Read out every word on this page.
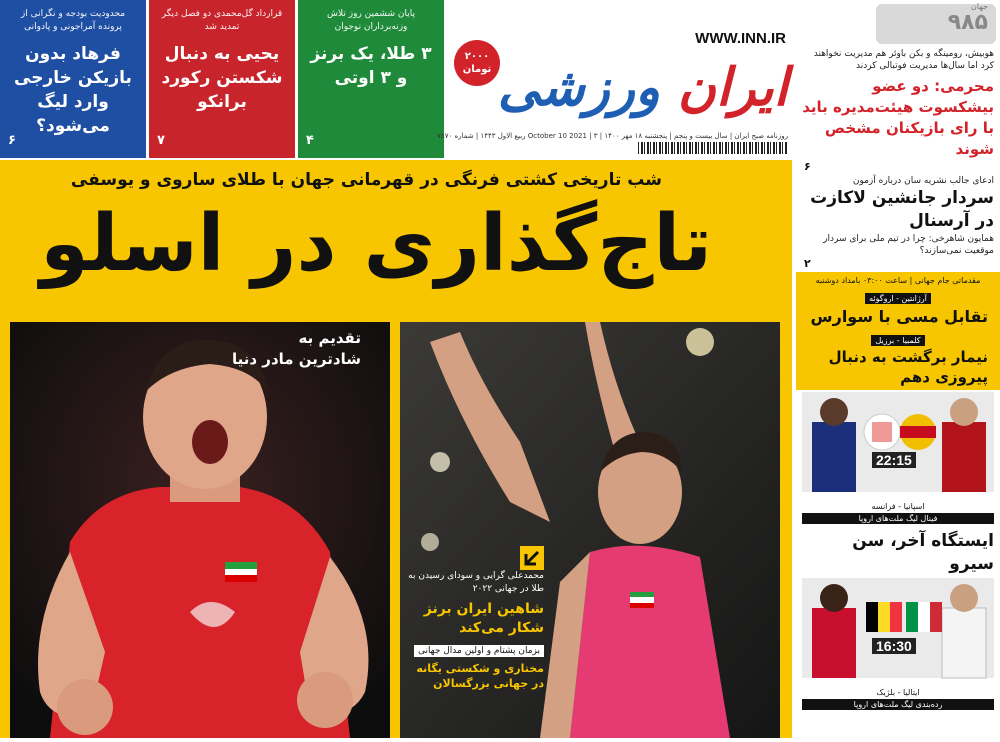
محدودیت بودجه و نگرانی از پرونده آمراجونی و پادوانی
فرهاد بدون بازیکن خارجی وارد لیگ می‌شود؟
۶
قرارداد گل‌محمدی دو فصل دیگر تمدید شد
یحیی به دنبال شکستن رکورد برانکو
۷
پایان ششمین روز تلاش وزنه‌برداران نوجوان
۳ طلا، یک برنز و ۳ اوتی
۴
WWW.INN.IR
ایران
ورزشی
۲۰۰۰ تومان
روزنامه صبح ایران | سال بیست و پنجم | پنجشنبه ۱۸ مهر ۱۴۰۰ | October 10 2021 | ۳ ربیع الاول ۱۴۴۳ | شماره ۷۸۷۰
شب تاریخی کشتی فرنگی در قهرمانی جهان با طلای ساروی و یوسفی
تاج‌گذاری در اسلو
تقدیم به
شادترین مادر دنیا
محمدعلی گرایی و سودای رسیدن به طلا در جهانی ۲۰۲۲
شاهین ایران برنز شکار می‌کند
بزمان پشتام و اولین مدال جهانی
مختاری و شکستی یگانه در جهانی بزرگسالان
جهان
۹۸۵
هوبیش، رومینگه و بکن باوئر هم مدیریت نخواهند کرد اما سال‌ها مدیریت فوتبالی کردند
محرمی: دو عضو بیشکسوت هیئت‌مدیره باید با رای بازیکنان مشخص شوند
۶
ادعای جالب نشریه سان درباره آزمون
سردار جانشین لاکازت در آرسنال
همایون شاهرخی: چرا در تیم ملی برای سردار موقعیت نمی‌سازند؟
۲
مقدماتی جام جهانی | ساعت ۰۳:۰۰ بامداد دوشنبه
آرژانتین - اروگوئه
تقابل مسی با سوارس
کلمبیا - برزیل
نیمار برگشت به دنبال پیروزی دهم
22:15
اسپانیا - فرانسه
فینال لیگ ملت‌های اروپا
ایستگاه آخر، سن سیرو
16:30
ایتالیا - بلژیک
رده‌بندی لیگ ملت‌های اروپا
